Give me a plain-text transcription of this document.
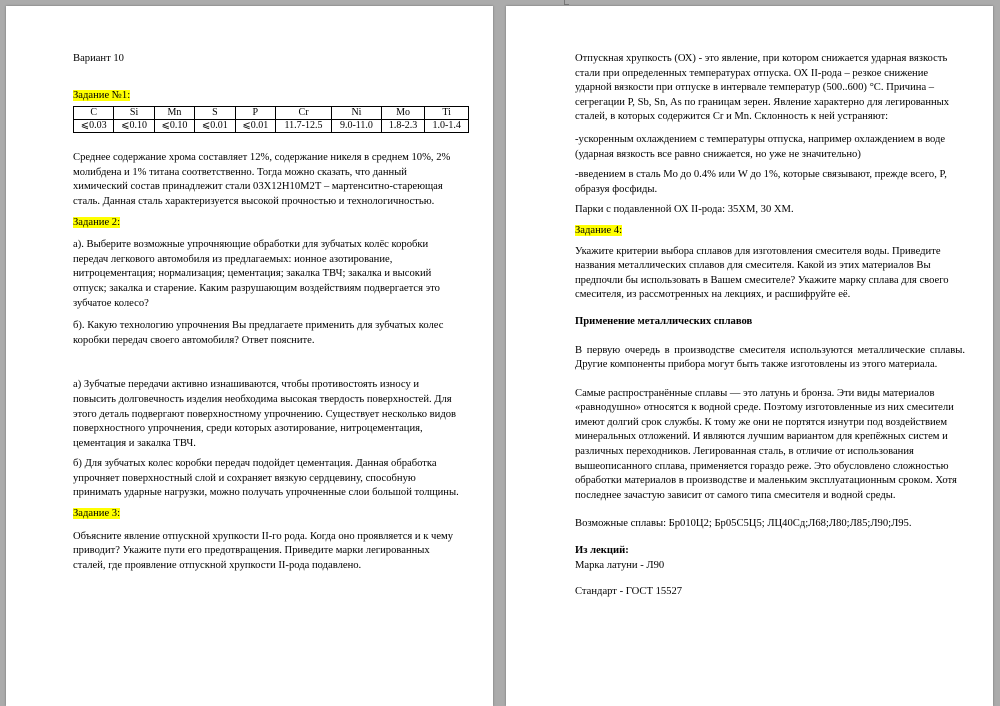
Вариант 10

Задание №1:

C	Si	Mn	S	P	Cr	Ni	Mo	Ti
⩽0.03	⩽0.10	⩽0.10	⩽0.01	⩽0.01	11.7-12.5	9.0-11.0	1.8-2.3	1.0-1.4

Среднее содержание хрома составляет 12%, содержание никеля в среднем 10%, 2% молибдена и 1% титана соответственно. Тогда можно сказать, что данный химический состав принадлежит стали 03Х12Н10М2Т – мартенситно-стареющая сталь. Данная сталь характеризуется высокой прочностью и технологичностью.

Задание 2:

а). Выберите возможные упрочняющие обработки для зубчатых колёс коробки передач легкового автомобиля из предлагаемых: ионное азотирование, нитроцементация; нормализация; цементация; закалка ТВЧ; закалка и высокий отпуск; закалка и старение. Каким разрушающим воздействиям подвергается это зубчатое колесо?

б). Какую технологию упрочнения Вы предлагаете применить для зубчатых колес коробки передач своего автомобиля? Ответ поясните.

а) Зубчатые передачи активно изнашиваются, чтобы противостоять износу и повысить долговечность изделия необходима высокая твердость поверхностей. Для этого деталь подвергают поверхностному упрочнению. Существует несколько видов поверхностного упрочнения, среди которых азотирование, нитроцементация, цементация и закалка ТВЧ.

б) Для зубчатых колес коробки передач подойдет цементация. Данная обработка упрочняет поверхностный слой и сохраняет вязкую сердцевину, способную принимать ударные нагрузки, можно получать упрочненные слои большой толщины.

Задание 3:

Объясните явление отпускной хрупкости II-го рода. Когда оно проявляется и к чему приводит? Укажите пути его предотвращения. Приведите марки легированных сталей, где проявление отпускной хрупкости II-рода подавлено.

Отпускная хрупкость (ОХ) - это явление, при котором снижается ударная вязкость стали при определенных температурах отпуска. ОХ II-рода – резкое снижение ударной вязкости при отпуске в интервале температур (500..600) °С. Причина – сегрегации P, Sb, Sn, As по границам зерен. Явление характерно для легированных сталей, в которых содержится Cr и Mn. Склонность к ней устраняют:

-ускоренным охлаждением с температуры отпуска, например охлаждением в воде (ударная вязкость все равно снижается, но уже не значительно)

-введением в сталь Mo до 0.4% или W до 1%, которые связывают, прежде всего, P, образуя фосфиды.

Парки с подавленной ОХ II-рода: 35ХМ, 30 ХМ.

Задание 4:

Укажите критерии выбора сплавов для изготовления смесителя воды. Приведите названия металлических сплавов для смесителя. Какой из этих материалов Вы предпочли бы использовать в Вашем смесителе? Укажите марку сплава для своего смесителя, из рассмотренных на лекциях, и расшифруйте её.

Применение металлических сплавов

В первую очередь в производстве смесителя используются металлические сплавы. Другие компоненты прибора могут быть также изготовлены из этого материала.

Самые распространённые сплавы — это латунь и бронза. Эти виды материалов «равнодушно» относятся к водной среде. Поэтому изготовленные из них смесители имеют долгий срок службы. К тому же они не портятся изнутри под воздействием минеральных отложений. И являются лучшим вариантом для крепёжных систем и различных переходников. Легированная сталь, в отличие от использования вышеописанного сплава, применяется гораздо реже. Это обусловлено сложностью обработки материалов в производстве и маленьким эксплуатационным сроком. Хотя последнее зачастую зависит от самого типа смесителя и водной среды.

Возможные сплавы: Бр010Ц2; Бр05С5Ц5; ЛЦ40Сд;Л68;Л80;Л85;Л90;Л95.

Из лекций:

Марка латуни - Л90

Стандарт - ГОСТ 15527
